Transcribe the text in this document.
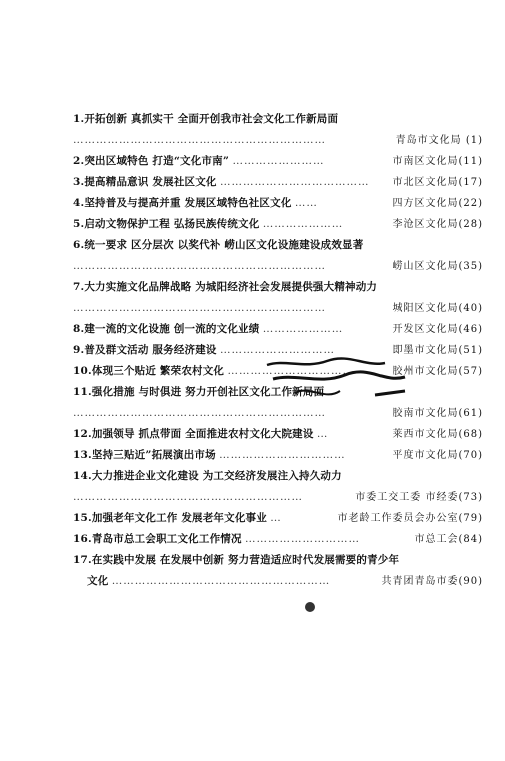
1.开拓创新 真抓实干 全面开创我市社会文化工作新局面
…………………………………………………………	青岛市文化局 (1)
2.突出区域特色 打造“文化市南” ……………………	市南区文化局(11)
3.提高精品意识 发展社区文化 ………………………………… 市北区文化局(17)
4.坚持普及与提高并重 发展区域特色社区文化 ……	四方区文化局(22)
5.启动文物保护工程 弘扬民族传统文化 …………………	李沧区文化局(28)
6.统一要求 区分层次 以奖代补 崂山区文化设施建设成效显著
…………………………………………………………	崂山区文化局(35)
7.大力实施文化品牌战略 为城阳经济社会发展提供强大精神动力
…………………………………………………………	城阳区文化局(40)
8.建一流的文化设施 创一流的文化业绩 …………………	开发区文化局(46)
9.普及群文活动 服务经济建设 …………………………	即墨市文化局(51)
10.体现三个贴近 繁荣农村文化 ……………………………	胶州市文化局(57)
11.强化措施 与时俱进 努力开创社区文化工作新局面
…………………………………………………………	胶南市文化局(61)
12.加强领导 抓点带面 全面推进农村文化大院建设 …	莱西市文化局(68)
13.坚持三贴近”拓展演出市场 ……………………………	平度市文化局(70)
14.大力推进企业文化建设 为工交经济发展注入持久动力
……………………………………………………	市委工交工委 市经委(73)
15.加强老年文化工作 发展老年文化事业 …	市老龄工作委员会办公室(79)
16.青岛市总工会职工文化工作情况 …………………………	市总工会(84)
17.在实践中发展 在发展中创新 努力营造适应时代发展需要的青少年
文化 …………………………………………………	共青团青岛市委(90)
